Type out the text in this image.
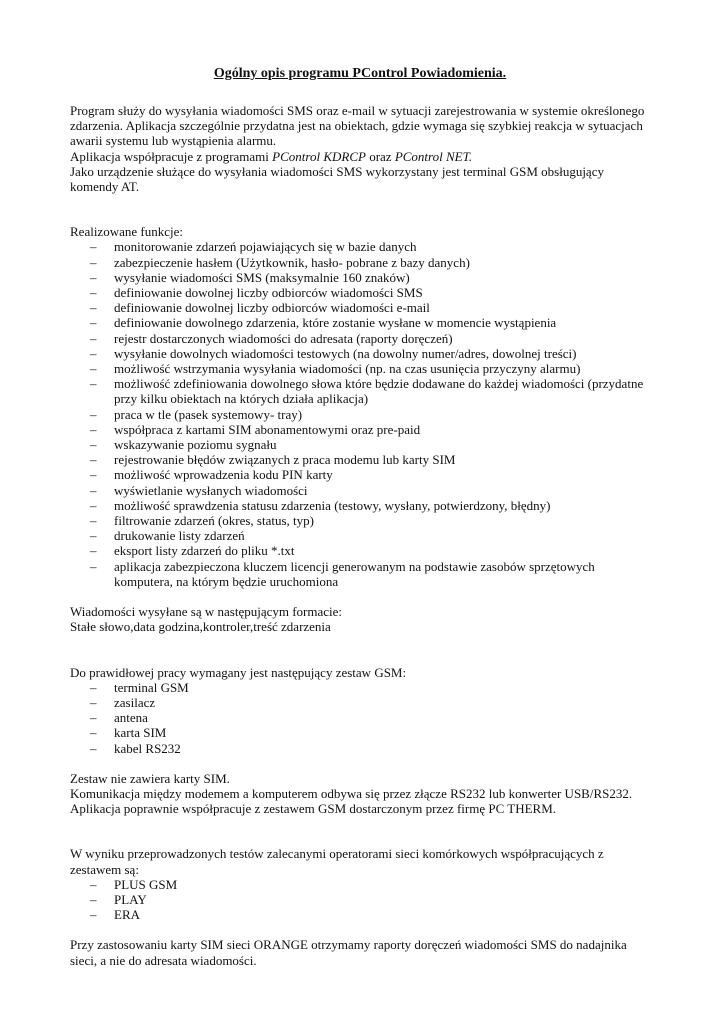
Ogólny opis programu PControl Powiadomienia.

Program służy do wysyłania wiadomości SMS oraz e-mail w sytuacji zarejestrowania w systemie określonego zdarzenia. Aplikacja szczególnie przydatna jest na obiektach, gdzie wymaga się szybkiej reakcja w sytuacjach awarii systemu lub wystąpienia alarmu.

Aplikacja współpracuje z programami PControl KDRCP oraz PControl NET.

Jako urządzenie służące do wysyłania wiadomości SMS wykorzystany jest terminal GSM obsługujący komendy AT.

Realizowane funkcje:

– monitorowanie zdarzeń pojawiających się w bazie danych
– zabezpieczenie hasłem (Użytkownik, hasło- pobrane z bazy danych)
– wysyłanie wiadomości SMS (maksymalnie 160 znaków)
– definiowanie dowolnej liczby odbiorców wiadomości SMS
– definiowanie dowolnej liczby odbiorców wiadomości e-mail
– definiowanie dowolnego zdarzenia, które zostanie wysłane w momencie wystąpienia
– rejestr dostarczonych wiadomości do adresata (raporty doręczeń)
– wysyłanie dowolnych wiadomości testowych (na dowolny numer/adres, dowolnej treści)
– możliwość wstrzymania wysyłania wiadomości (np. na czas usunięcia przyczyny alarmu)
– możliwość zdefiniowania dowolnego słowa które będzie dodawane do każdej wiadomości (przydatne przy kilku obiektach na których działa aplikacja)
– praca w tle (pasek systemowy- tray)
– współpraca z kartami SIM abonamentowymi oraz pre-paid
– wskazywanie poziomu sygnału
– rejestrowanie błędów związanych z praca modemu lub karty SIM
– możliwość wprowadzenia kodu PIN karty
– wyświetlanie wysłanych wiadomości
– możliwość sprawdzenia statusu zdarzenia (testowy, wysłany, potwierdzony, błędny)
– filtrowanie zdarzeń (okres, status, typ)
– drukowanie listy zdarzeń
– eksport listy zdarzeń do pliku *.txt
– aplikacja zabezpieczona kluczem licencji generowanym na podstawie zasobów sprzętowych komputera, na którym będzie uruchomiona

Wiadomości wysyłane są w następującym formacie:

Stałe słowo,data godzina,kontroler,treść zdarzenia

Do prawidłowej pracy wymagany jest następujący zestaw GSM:

– terminal GSM
– zasilacz
– antena
– karta SIM
– kabel RS232

Zestaw nie zawiera karty SIM.

Komunikacja między modemem a komputerem odbywa się przez złącze RS232 lub konwerter USB/RS232.

Aplikacja poprawnie współpracuje z zestawem GSM dostarczonym przez firmę PC THERM.

W wyniku przeprowadzonych testów zalecanymi operatorami sieci komórkowych współpracujących z zestawem są:

– PLUS GSM
– PLAY
– ERA

Przy zastosowaniu karty SIM sieci ORANGE otrzymamy raporty doręczeń wiadomości SMS do nadajnika sieci, a nie do adresata wiadomości.
